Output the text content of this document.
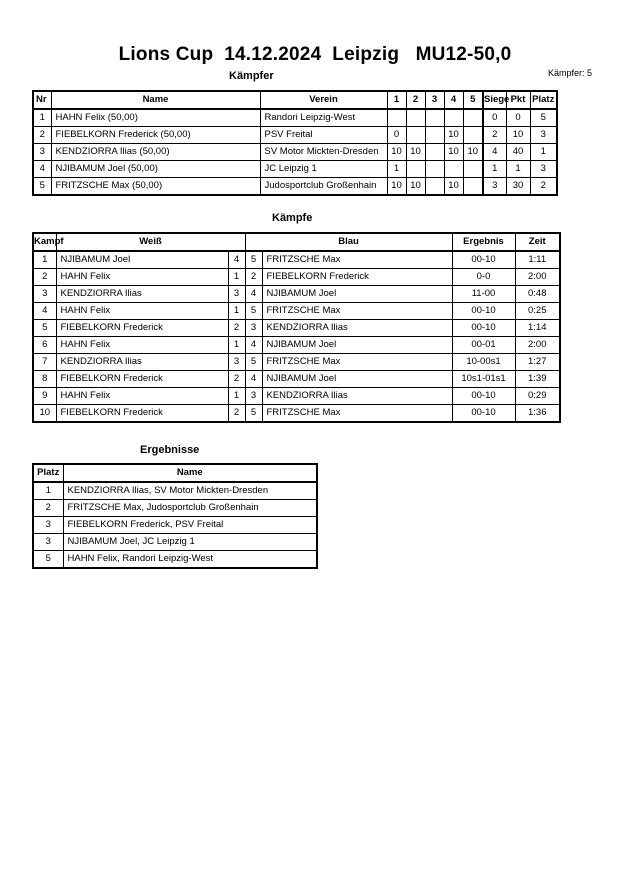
Lions Cup  14.12.2024  Leipzig   MU12-50,0
Kämpfer: 5
Kämpfer
Nr	Name	Verein	1	2	3	4	5	Siege	Pkt	Platz
1	HAHN Felix (50,00)	Randori Leipzig-West						0	0	5
2	FIEBELKORN Frederick (50,00)	PSV Freital	0			10		2	10	3
3	KENDZIORRA Ilias (50,00)	SV Motor Mickten-Dresden	10	10		10	10	4	40	1
4	NJIBAMUM Joel (50,00)	JC Leipzig 1	1					1	1	3
5	FRITZSCHE Max (50,00)	Judosportclub Großenhain	10	10		10		3	30	2
Kämpfe
Kampf	Weiß		Blau		Ergebnis	Zeit
1	NJIBAMUM Joel	4	5	FRITZSCHE Max	00-10	1:11
2	HAHN Felix	1	2	FIEBELKORN Frederick	0-0	2:00
3	KENDZIORRA Ilias	3	4	NJIBAMUM Joel	11-00	0:48
4	HAHN Felix	1	5	FRITZSCHE Max	00-10	0:25
5	FIEBELKORN Frederick	2	3	KENDZIORRA Ilias	00-10	1:14
6	HAHN Felix	1	4	NJIBAMUM Joel	00-01	2:00
7	KENDZIORRA Ilias	3	5	FRITZSCHE Max	10-00s1	1:27
8	FIEBELKORN Frederick	2	4	NJIBAMUM Joel	10s1-01s1	1:39
9	HAHN Felix	1	3	KENDZIORRA Ilias	00-10	0:29
10	FIEBELKORN Frederick	2	5	FRITZSCHE Max	00-10	1:36
Ergebnisse
Platz	Name
1	KENDZIORRA Ilias, SV Motor Mickten-Dresden
2	FRITZSCHE Max, Judosportclub Großenhain
3	FIEBELKORN Frederick, PSV Freital
3	NJIBAMUM Joel, JC Leipzig 1
5	HAHN Felix, Randori Leipzig-West
